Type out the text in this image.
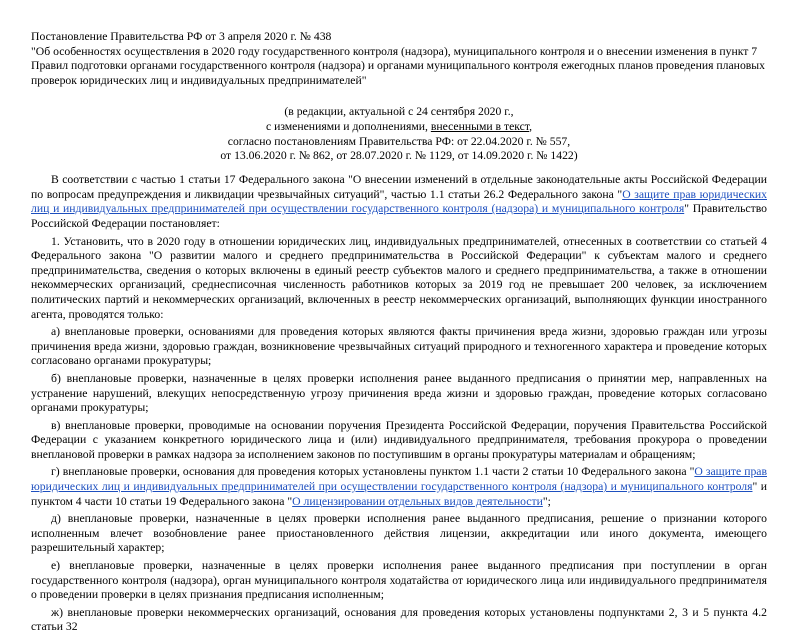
Постановление Правительства РФ от 3 апреля 2020 г. № 438
"Об особенностях осуществления в 2020 году государственного контроля (надзора), муниципального контроля и о внесении изменения в пункт 7 Правил подготовки органами государственного контроля (надзора) и органами муниципального контроля ежегодных планов проведения плановых проверок юридических лиц и индивидуальных предпринимателей"
(в редакции, актуальной с 24 сентября 2020 г.,
с изменениями и дополнениями, внесенными в текст,
согласно постановлениям Правительства РФ: от 22.04.2020 г. № 557,
от 13.06.2020 г. № 862, от 28.07.2020 г. № 1129, от 14.09.2020 г. № 1422)

В соответствии с частью 1 статьи 17 Федерального закона "О внесении изменений в отдельные законодательные акты Российской Федерации по вопросам предупреждения и ликвидации чрезвычайных ситуаций", частью 1.1 статьи 26.2 Федерального закона "О защите прав юридических лиц и индивидуальных предпринимателей при осуществлении государственного контроля (надзора) и муниципального контроля" Правительство Российской Федерации постановляет:

1. Установить, что в 2020 году в отношении юридических лиц, индивидуальных предпринимателей, отнесенных в соответствии со статьей 4 Федерального закона "О развитии малого и среднего предпринимательства в Российской Федерации" к субъектам малого и среднего предпринимательства, сведения о которых включены в единый реестр субъектов малого и среднего предпринимательства, а также в отношении некоммерческих организаций, среднесписочная численность работников которых за 2019 год не превышает 200 человек, за исключением политических партий и некоммерческих организаций, включенных в реестр некоммерческих организаций, выполняющих функции иностранного агента, проводятся только:

а) внеплановые проверки, основаниями для проведения которых являются факты причинения вреда жизни, здоровью граждан или угрозы причинения вреда жизни, здоровью граждан, возникновение чрезвычайных ситуаций природного и техногенного характера и проведение которых согласовано органами прокуратуры;

б) внеплановые проверки, назначенные в целях проверки исполнения ранее выданного предписания о принятии мер, направленных на устранение нарушений, влекущих непосредственную угрозу причинения вреда жизни и здоровью граждан, проведение которых согласовано органами прокуратуры;

в) внеплановые проверки, проводимые на основании поручения Президента Российской Федерации, поручения Правительства Российской Федерации с указанием конкретного юридического лица и (или) индивидуального предпринимателя, требования прокурора о проведении внеплановой проверки в рамках надзора за исполнением законов по поступившим в органы прокуратуры материалам и обращениям;

г) внеплановые проверки, основания для проведения которых установлены пунктом 1.1 части 2 статьи 10 Федерального закона "О защите прав юридических лиц и индивидуальных предпринимателей при осуществлении государственного контроля (надзора) и муниципального контроля" и пунктом 4 части 10 статьи 19 Федерального закона "О лицензировании отдельных видов деятельности";

д) внеплановые проверки, назначенные в целях проверки исполнения ранее выданного предписания, решение о признании которого исполненным влечет возобновление ранее приостановленного действия лицензии, аккредитации или иного документа, имеющего разрешительный характер;

е) внеплановые проверки, назначенные в целях проверки исполнения ранее выданного предписания при поступлении в орган государственного контроля (надзора), орган муниципального контроля ходатайства от юридического лица или индивидуального предпринимателя о проведении проверки в целях признания предписания исполненным;

ж) внеплановые проверки некоммерческих организаций, основания для проведения которых установлены подпунктами 2, 3 и 5 пункта 4.2 статьи 32
